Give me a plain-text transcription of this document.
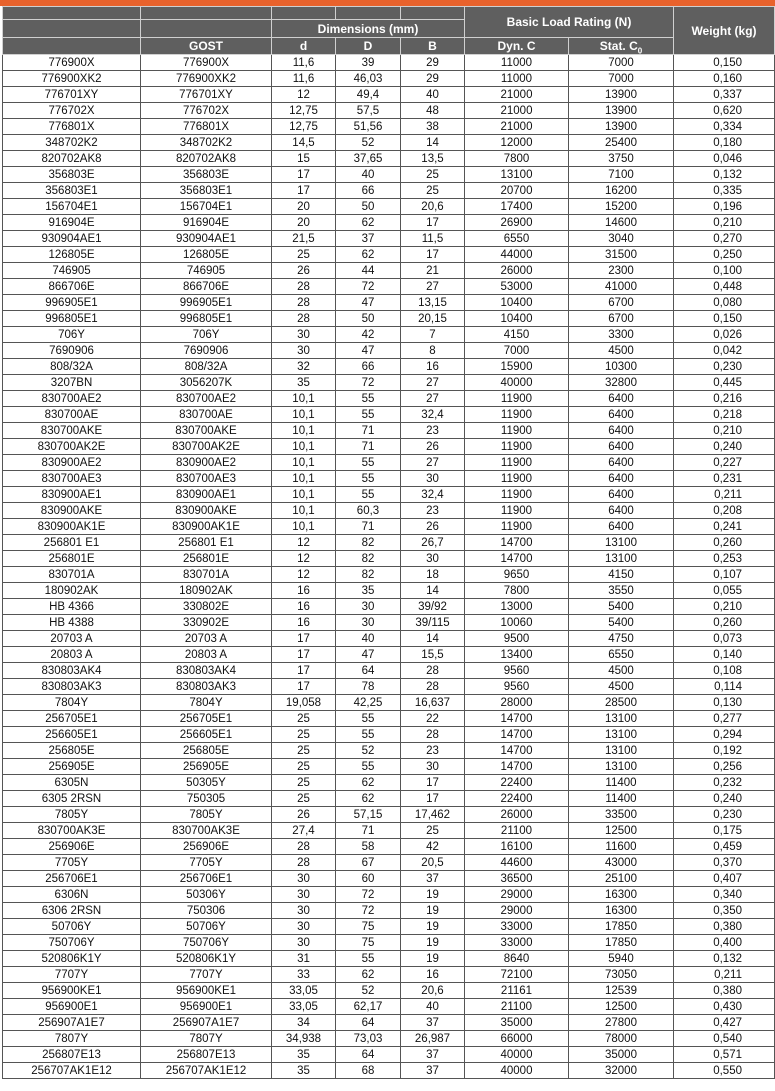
					Basic Load Rating (N)		Weight (kg)
		Dimensions (mm)					
	GOST	d	D	B	Dyn. C	Stat. $C_0$
776900X	776900X	11,6	39	29	11000	7000	0,150
776900XK2	776900XK2	11,6	46,03	29	11000	7000	0,160
776701XY	776701XY	12	49,4	40	21000	13900	0,337
776702X	776702X	12,75	57,5	48	21000	13900	0,620
776801X	776801X	12,75	51,56	38	21000	13900	0,334
348702K2	348702K2	14,5	52	14	12000	25400	0,180
820702AK8	820702AK8	15	37,65	13,5	7800	3750	0,046
356803E	356803E	17	40	25	13100	7100	0,132
356803E1	356803E1	17	66	25	20700	16200	0,335
156704E1	156704E1	20	50	20,6	17400	15200	0,196
916904E	916904E	20	62	17	26900	14600	0,210
930904AE1	930904AE1	21,5	37	11,5	6550	3040	0,270
126805E	126805E	25	62	17	44000	31500	0,250
746905	746905	26	44	21	26000	2300	0,100
866706E	866706E	28	72	27	53000	41000	0,448
996905E1	996905E1	28	47	13,15	10400	6700	0,080
996805E1	996805E1	28	50	20,15	10400	6700	0,150
706Y	706Y	30	42	7	4150	3300	0,026
7690906	7690906	30	47	8	7000	4500	0,042
808/32A	808/32A	32	66	16	15900	10300	0,230
3207BN	3056207K	35	72	27	40000	32800	0,445
830700AE2	830700AE2	10,1	55	27	11900	6400	0,216
830700AE	830700AE	10,1	55	32,4	11900	6400	0,218
830700AKE	830700AKE	10,1	71	23	11900	6400	0,210
830700AK2E	830700AK2E	10,1	71	26	11900	6400	0,240
830900AE2	830900AE2	10,1	55	27	11900	6400	0,227
830700AE3	830700AE3	10,1	55	30	11900	6400	0,231
830900AE1	830900AE1	10,1	55	32,4	11900	6400	0,211
830900AKE	830900AKE	10,1	60,3	23	11900	6400	0,208
830900AK1E	830900AK1E	10,1	71	26	11900	6400	0,241
256801 E1	256801 E1	12	82	26,7	14700	13100	0,260
256801E	256801E	12	82	30	14700	13100	0,253
830701A	830701A	12	82	18	9650	4150	0,107
180902AK	180902AK	16	35	14	7800	3550	0,055
HB 4366	330802E	16	30	39/92	13000	5400	0,210
HB 4388	330902E	16	30	39/115	10060	5400	0,260
20703 A	20703 A	17	40	14	9500	4750	0,073
20803 A	20803 A	17	47	15,5	13400	6550	0,140
830803AK4	830803AK4	17	64	28	9560	4500	0,108
830803AK3	830803AK3	17	78	28	9560	4500	0,114
7804Y	7804Y	19,058	42,25	16,637	28000	28500	0,130
256705E1	256705E1	25	55	22	14700	13100	0,277
256605E1	256605E1	25	55	28	14700	13100	0,294
256805E	256805E	25	52	23	14700	13100	0,192
256905E	256905E	25	55	30	14700	13100	0,256
6305N	50305Y	25	62	17	22400	11400	0,232
6305 2RSN	750305	25	62	17	22400	11400	0,240
7805Y	7805Y	26	57,15	17,462	26000	33500	0,230
830700AK3E	830700AK3E	27,4	71	25	21100	12500	0,175
256906E	256906E	28	58	42	16100	11600	0,459
7705Y	7705Y	28	67	20,5	44600	43000	0,370
256706E1	256706E1	30	60	37	36500	25100	0,407
6306N	50306Y	30	72	19	29000	16300	0,340
6306 2RSN	750306	30	72	19	29000	16300	0,350
50706Y	50706Y	30	75	19	33000	17850	0,380
750706Y	750706Y	30	75	19	33000	17850	0,400
520806K1Y	520806K1Y	31	55	19	8640	5940	0,132
7707Y	7707Y	33	62	16	72100	73050	0,211
956900KE1	956900KE1	33,05	52	20,6	21161	12539	0,380
956900E1	956900E1	33,05	62,17	40	21100	12500	0,430
256907A1E7	256907A1E7	34	64	37	35000	27800	0,427
7807Y	7807Y	34,938	73,03	26,987	66000	78000	0,540
256807E13	256807E13	35	64	37	40000	35000	0,571
256707AK1E12	256707AK1E12	35	68	37	40000	32000	0,550
